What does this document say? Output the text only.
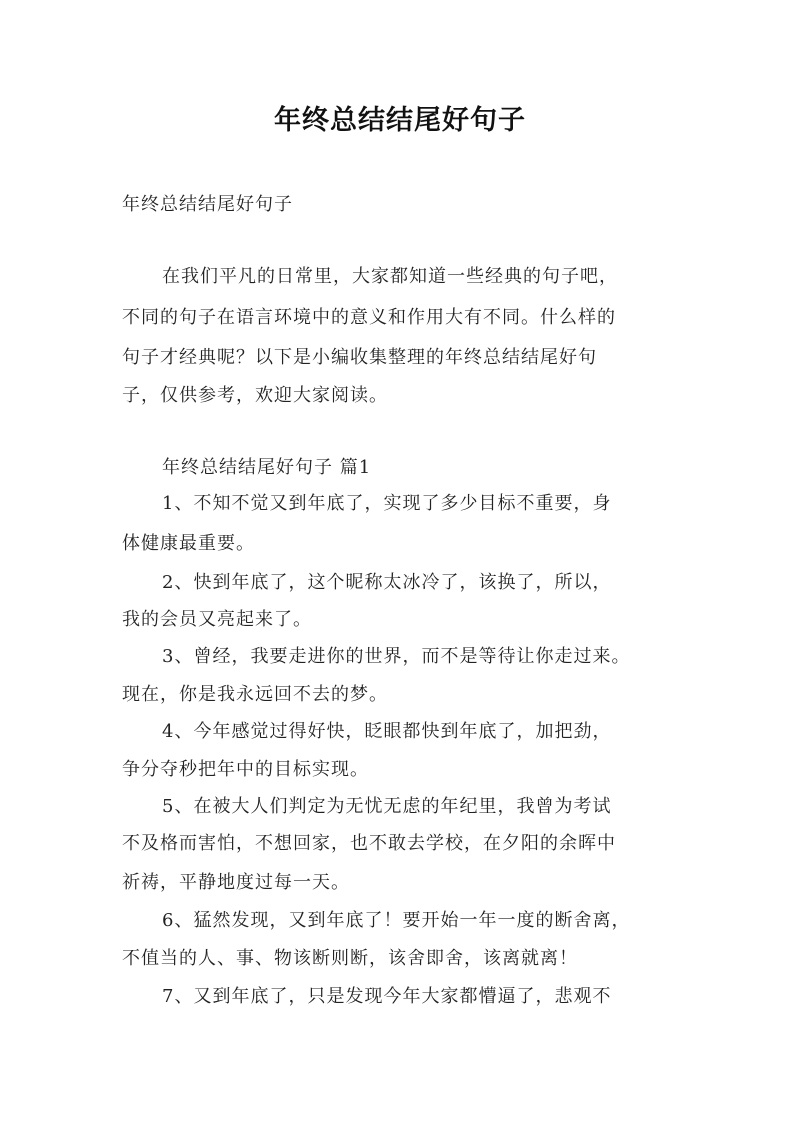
年终总结结尾好句子
年终总结结尾好句子
在我们平凡的日常里，大家都知道一些经典的句子吧，
不同的句子在语言环境中的意义和作用大有不同。什么样的
句子才经典呢？以下是小编收集整理的年终总结结尾好句
子，仅供参考，欢迎大家阅读。
年终总结结尾好句子 篇1
1、不知不觉又到年底了，实现了多少目标不重要，身
体健康最重要。
2、快到年底了，这个昵称太冰冷了，该换了，所以，
我的会员又亮起来了。
3、曾经，我要走进你的世界，而不是等待让你走过来。
现在，你是我永远回不去的梦。
4、今年感觉过得好快，眨眼都快到年底了，加把劲，
争分夺秒把年中的目标实现。
5、在被大人们判定为无忧无虑的年纪里，我曾为考试
不及格而害怕，不想回家，也不敢去学校，在夕阳的余晖中
祈祷，平静地度过每一天。
6、猛然发现，又到年底了！要开始一年一度的断舍离，
不值当的人、事、物该断则断，该舍即舍，该离就离！
7、又到年底了，只是发现今年大家都懵逼了，悲观不
